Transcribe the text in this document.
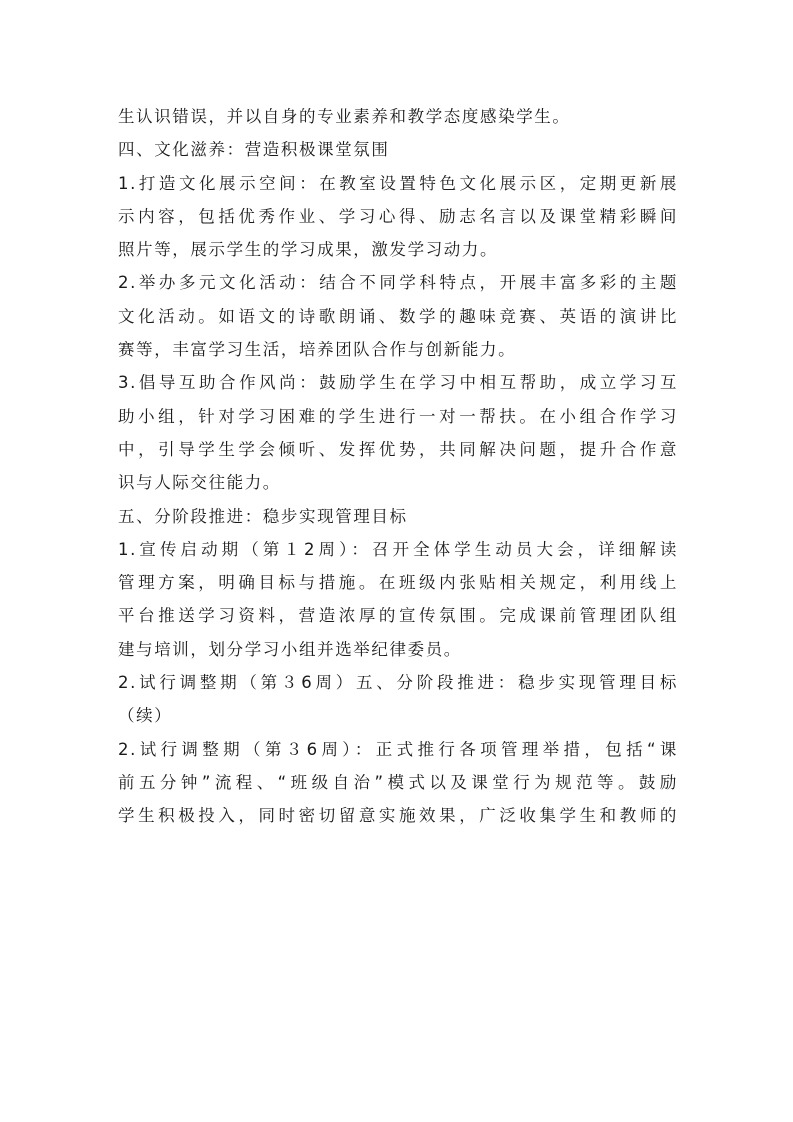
生认识错误，并以自身的专业素养和教学态度感染学生。
四、文化滋养：营造积极课堂氛围
1.打造文化展示空间：在教室设置特色文化展示区，定期更新展
示内容，包括优秀作业、学习心得、励志名言以及课堂精彩瞬间
照片等，展示学生的学习成果，激发学习动力。
2.举办多元文化活动：结合不同学科特点，开展丰富多彩的主题
文化活动。如语文的诗歌朗诵、数学的趣味竞赛、英语的演讲比
赛等，丰富学习生活，培养团队合作与创新能力。
3.倡导互助合作风尚：鼓励学生在学习中相互帮助，成立学习互
助小组，针对学习困难的学生进行一对一帮扶。在小组合作学习
中，引导学生学会倾听、发挥优势，共同解决问题，提升合作意
识与人际交往能力。
五、分阶段推进：稳步实现管理目标
1.宣传启动期（第１2周）：召开全体学生动员大会，详细解读
管理方案，明确目标与措施。在班级内张贴相关规定，利用线上
平台推送学习资料，营造浓厚的宣传氛围。完成课前管理团队组
建与培训，划分学习小组并选举纪律委员。
2.试行调整期（第３6周）五、分阶段推进：稳步实现管理目标
（续）
2.试行调整期（第３6周）：正式推行各项管理举措，包括“课
前五分钟”流程、“班级自治”模式以及课堂行为规范等。鼓励
学生积极投入，同时密切留意实施效果，广泛收集学生和教师的
